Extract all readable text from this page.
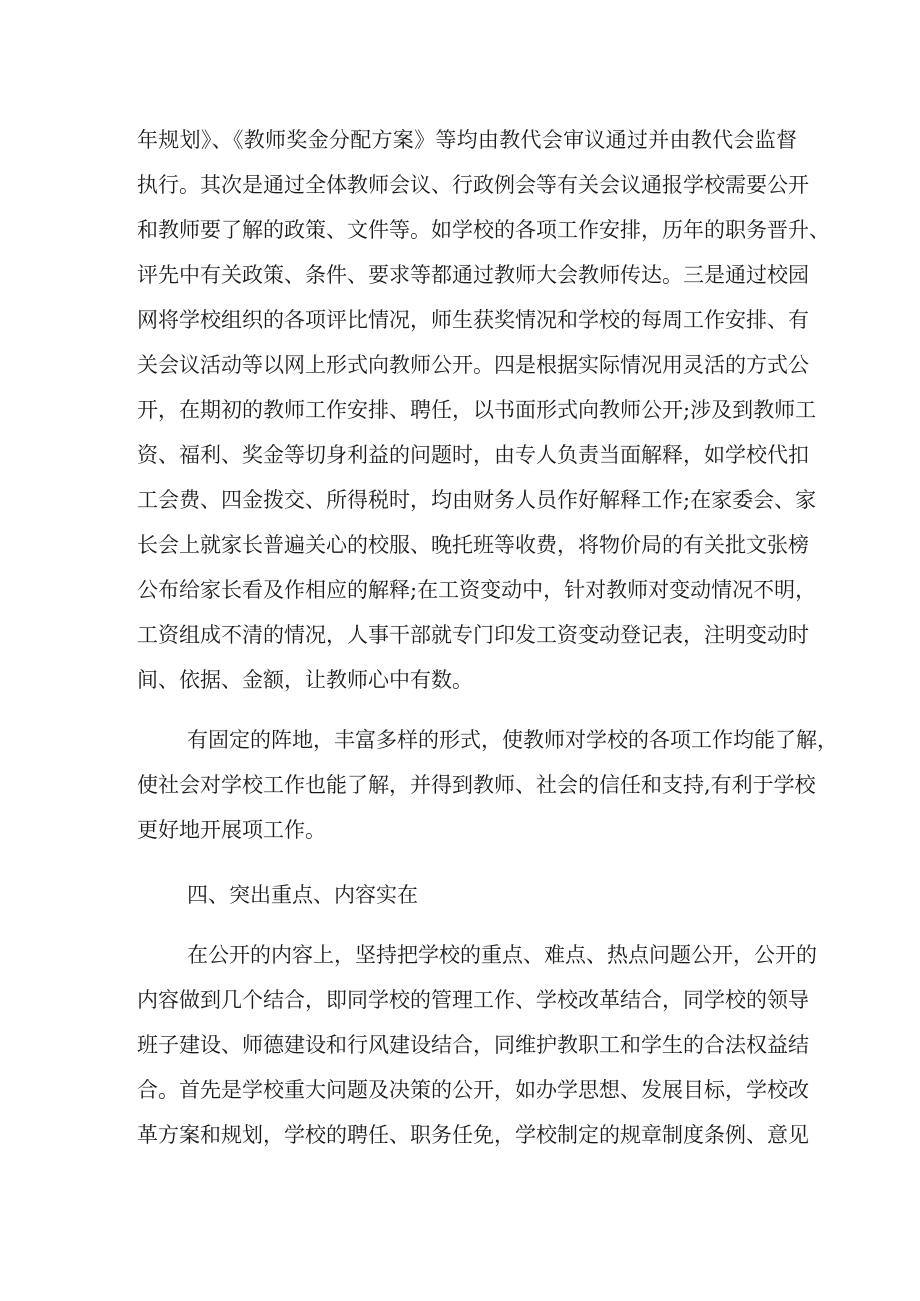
年规划》、《教师奖金分配方案》等均由教代会审议通过并由教代会监督
执行。其次是通过全体教师会议、行政例会等有关会议通报学校需要公开
和教师要了解的政策、文件等。如学校的各项工作安排，历年的职务晋升、
评先中有关政策、条件、要求等都通过教师大会教师传达。三是通过校园
网将学校组织的各项评比情况，师生获奖情况和学校的每周工作安排、有
关会议活动等以网上形式向教师公开。四是根据实际情况用灵活的方式公
开，在期初的教师工作安排、聘任，以书面形式向教师公开;涉及到教师工
资、福利、奖金等切身利益的问题时，由专人负责当面解释，如学校代扣
工会费、四金拨交、所得税时，均由财务人员作好解释工作;在家委会、家
长会上就家长普遍关心的校服、晚托班等收费，将物价局的有关批文张榜
公布给家长看及作相应的解释;在工资变动中，针对教师对变动情况不明，
工资组成不清的情况，人事干部就专门印发工资变动登记表，注明变动时
间、依据、金额，让教师心中有数。
有固定的阵地，丰富多样的形式，使教师对学校的各项工作均能了解，
使社会对学校工作也能了解，并得到教师、社会的信任和支持,有利于学校
更好地开展项工作。
四、突出重点、内容实在
在公开的内容上，坚持把学校的重点、难点、热点问题公开，公开的
内容做到几个结合，即同学校的管理工作、学校改革结合，同学校的领导
班子建设、师德建设和行风建设结合，同维护教职工和学生的合法权益结
合。首先是学校重大问题及决策的公开，如办学思想、发展目标，学校改
革方案和规划，学校的聘任、职务任免，学校制定的规章制度条例、意见
